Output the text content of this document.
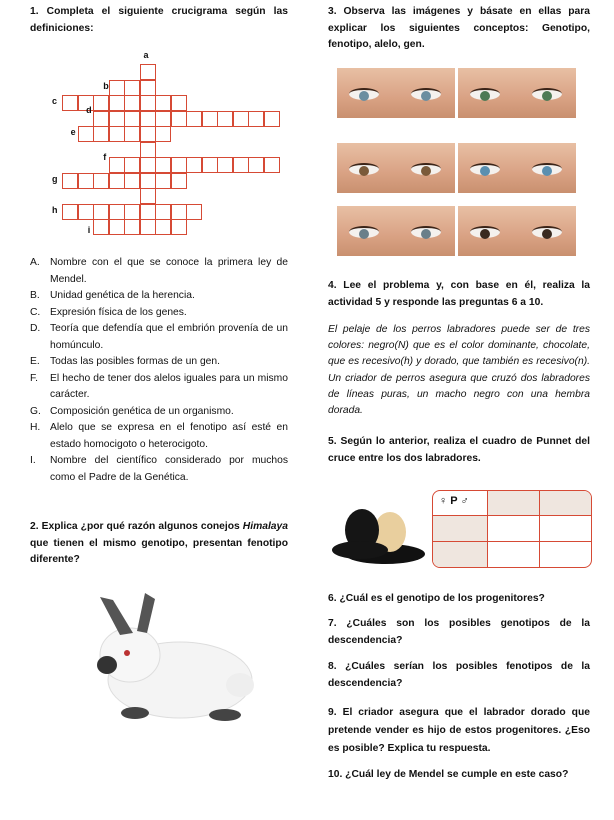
1. Completa el siguiente crucigrama según las definiciones:
a
b
c
d
e
f
g
h
i
A. Nombre con el que se conoce la primera ley de Mendel.
B. Unidad genética de la herencia.
C. Expresión física de los genes.
D. Teoría que defendía que el embrión provenía de un homúnculo.
E. Todas las posibles formas de un gen.
F.	El hecho de tener dos alelos iguales para un mismo carácter.
G. Composición genética de un organismo.
H. Alelo que se expresa en el fenotipo así esté en estado homocigoto o heterocigoto.
I.	Nombre del científico considerado por muchos como el Padre de la Genética.
2. Explica ¿por qué razón algunos conejos Himalaya que tienen el mismo genotipo, presentan fenotipo diferente?
3. Observa las imágenes y básate en ellas para explicar los siguientes conceptos: Genotipo, fenotipo, alelo, gen.
4. Lee el problema y, con base en él, realiza la actividad 5 y responde las preguntas 6 a 10.
El pelaje de los perros labradores puede ser de tres colores: negro(N) que es el color dominante, chocolate, que es recesivo(h) y dorado, que también es recesivo(n). Un criador de perros asegura que cruzó dos labradores de líneas puras, un macho negro con una hembra dorada.
5. Según lo anterior, realiza el cuadro de Punnet del cruce entre los dos labradores.
♀ P ♂
6. ¿Cuál es el genotipo de los progenitores?
7. ¿Cuáles son los posibles genotipos de la descendencia?
8. ¿Cuáles serían los posibles fenotipos de la descendencia?
9. El criador asegura que el labrador dorado que pretende vender es hijo de estos progenitores. ¿Eso es posible? Explica tu respuesta.
10. ¿Cuál ley de Mendel se cumple en este caso?
